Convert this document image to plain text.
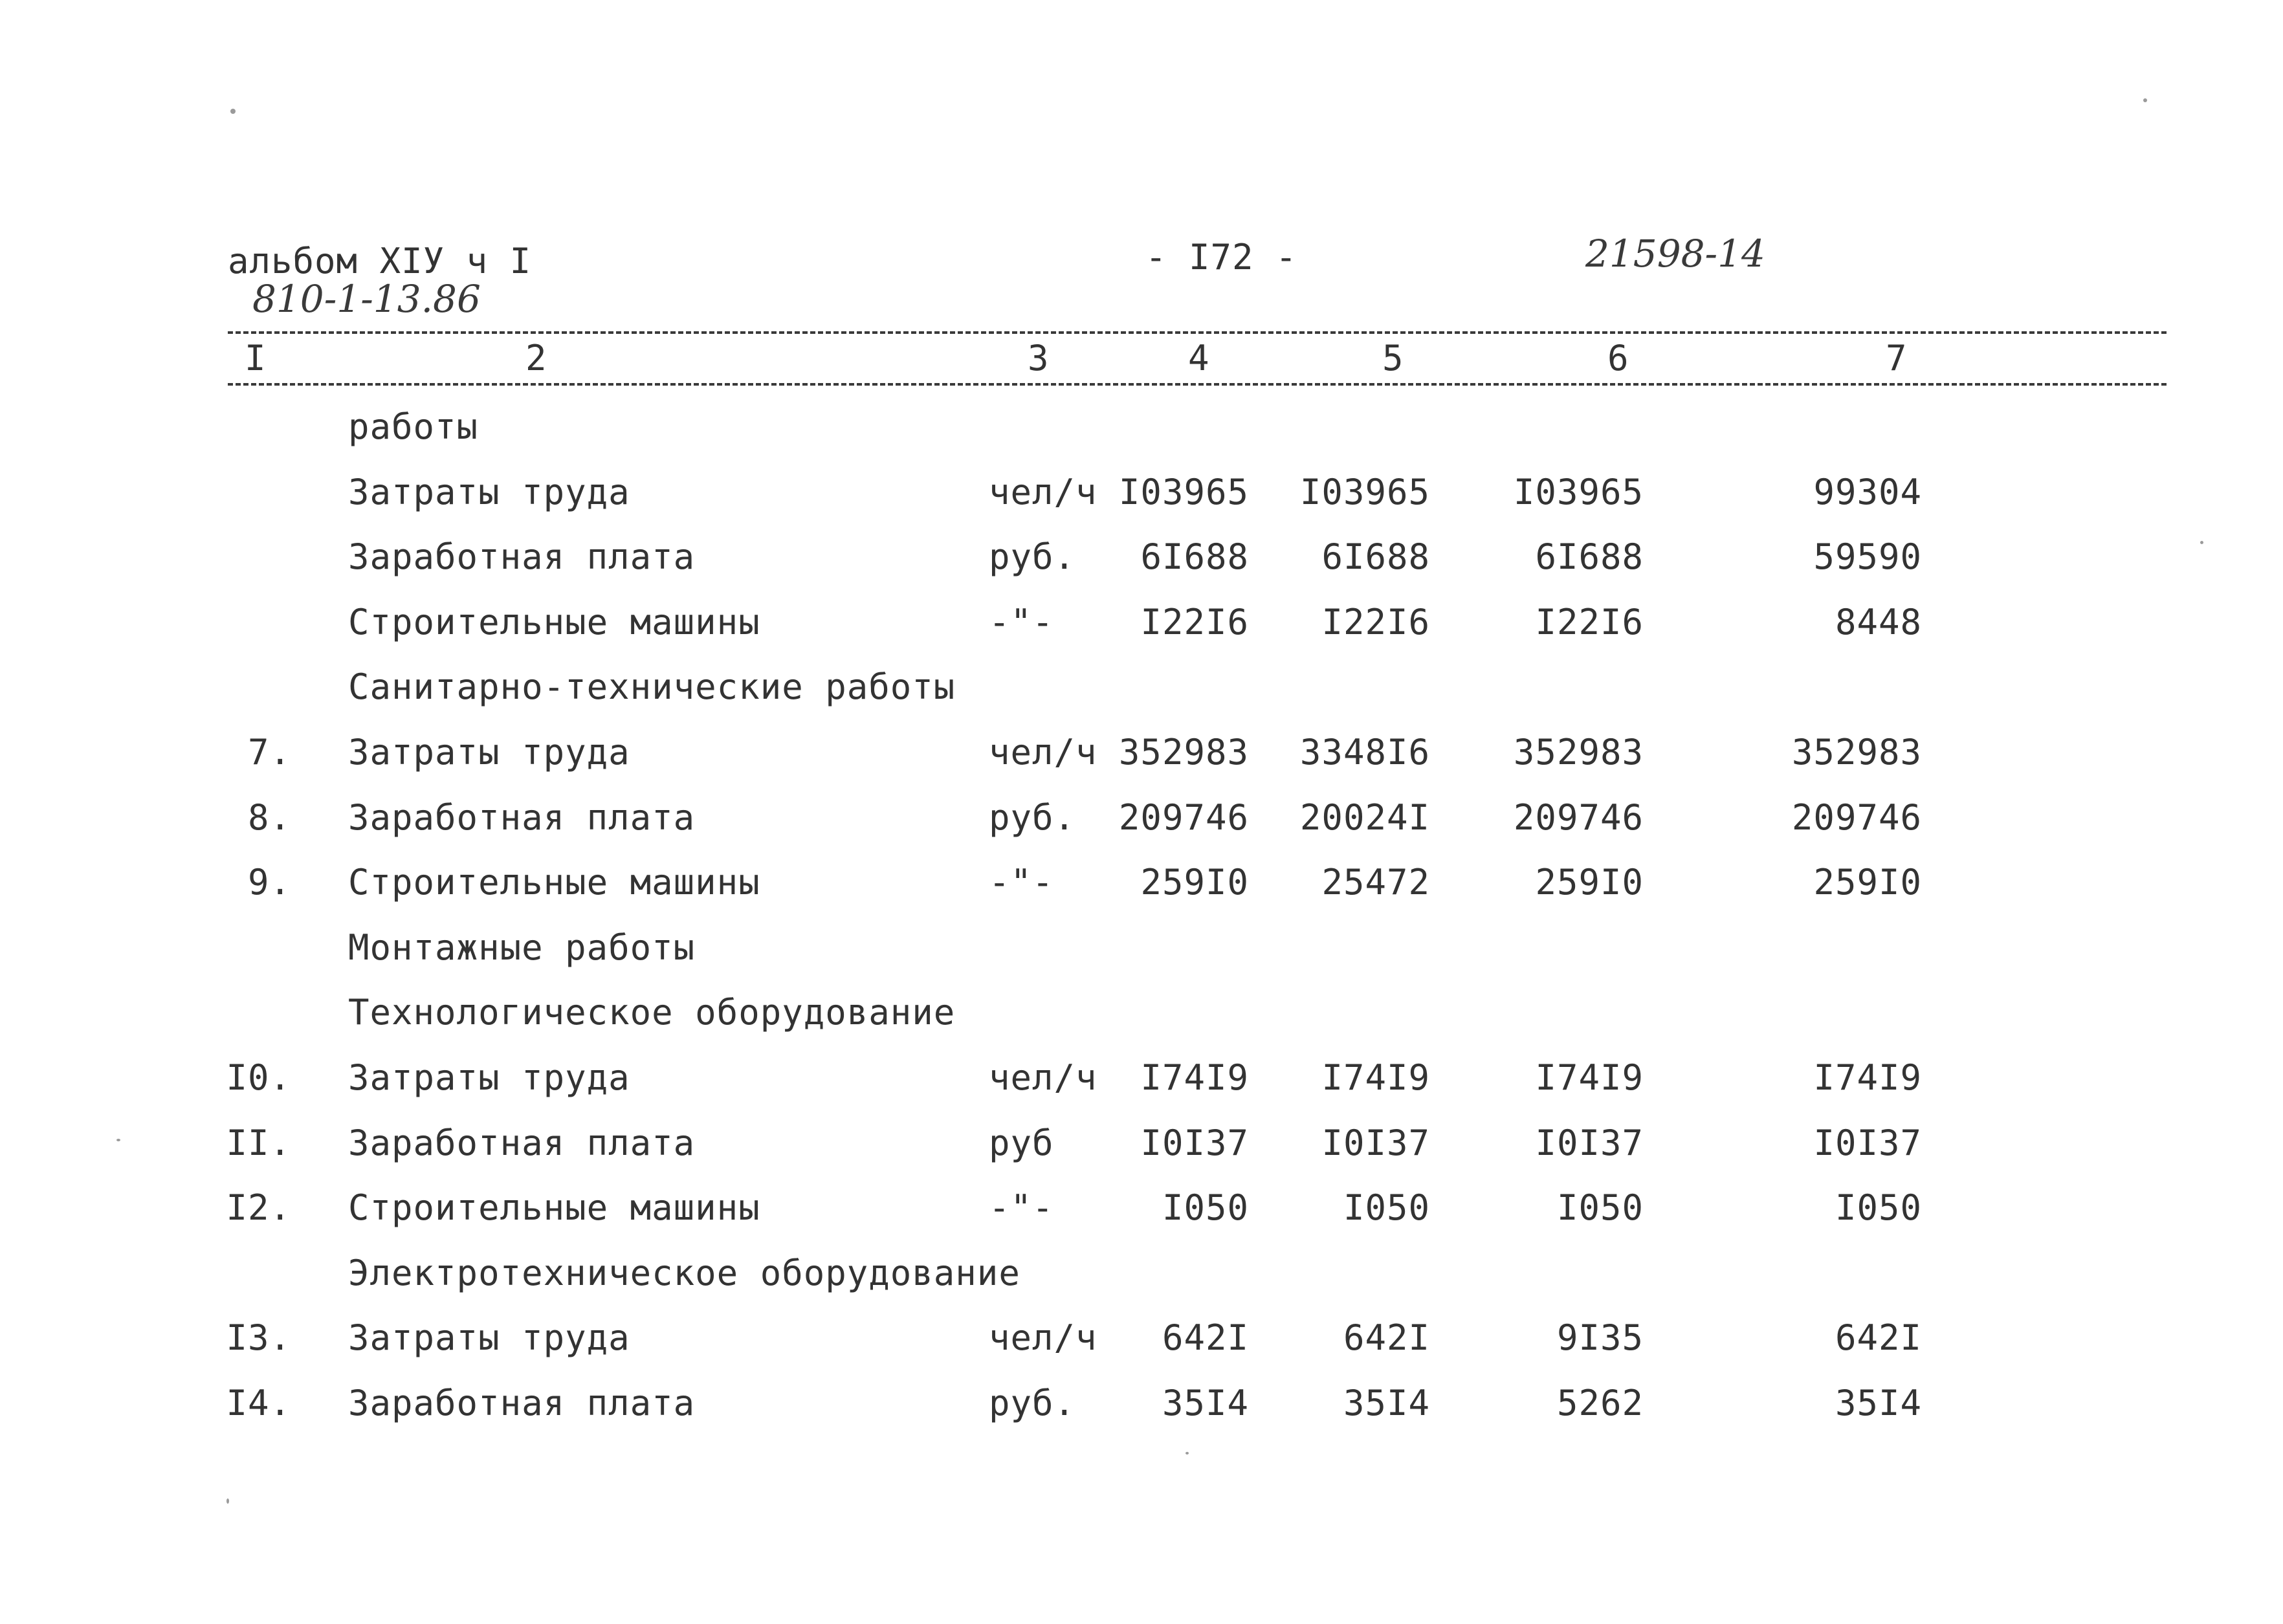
альбом XIУ ч I
810-1-13.86
- I72 -	21598-14
I	2	3	4	5	6	7
работы
Затраты труда	чел/ч I03965	I03965	I03965	99304
Заработная плата	руб.	6I688	6I688	6I688	59590
Строительные машины	-"-	I22I6	I22I6	I22I6	8448
Санитарно-технические работы
7. Затраты труда	чел/ч 352983	3348I6	352983	352983
8. Заработная плата	руб.	209746	20024I	209746	209746
9. Строительные машины	-"-	259I0	25472	259I0	259I0
Монтажные работы
Технологическое оборудование
I0. Затраты труда	чел/ч	I74I9	I74I9	I74I9	I74I9
II. Заработная плата	руб	I0I37	I0I37	I0I37	I0I37
I2. Строительные машины	-"-	I050	I050	I050	I050
Электротехническое оборудование
I3. Затраты труда	чел/ч	642I	642I	9I35	642I
I4. Заработная плата	руб.	35I4	35I4	5262	35I4
